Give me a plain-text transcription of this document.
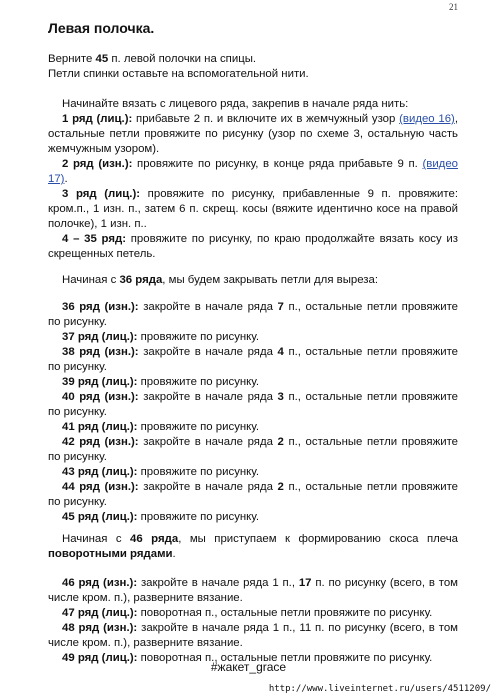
21
Левая полочка.

Верните 45 п. левой полочки на спицы.

Петли спинки оставьте на вспомогательной нити.

Начинайте вязать с лицевого ряда, закрепив в начале ряда нить:

1 ряд (лиц.): прибавьте 2 п. и включите их в жемчужный узор (видео 16), остальные петли провяжите по рисунку (узор по схеме 3, остальную часть жемчужным узором).

2 ряд (изн.): провяжите по рисунку, в конце ряда прибавьте 9 п. (видео 17).

3 ряд (лиц.): провяжите по рисунку, прибавленные 9 п. провяжите: кром.п., 1 изн. п., затем 6 п. скрещ. косы (вяжите идентично косе на правой полочке), 1 изн. п..

4 – 35 ряд: провяжите по рисунку, по краю продолжайте вязать косу из скрещенных петель.

Начиная с 36 ряда, мы будем закрывать петли для выреза:

36 ряд (изн.): закройте в начале ряда 7 п., остальные петли провяжите по рисунку.

37 ряд (лиц.): провяжите по рисунку.

38 ряд (изн.): закройте в начале ряда 4 п., остальные петли провяжите по рисунку.

39 ряд (лиц.): провяжите по рисунку.

40 ряд (изн.): закройте в начале ряда 3 п., остальные петли провяжите по рисунку.

41 ряд (лиц.): провяжите по рисунку.

42 ряд (изн.): закройте в начале ряда 2 п., остальные петли провяжите по рисунку.

43 ряд (лиц.): провяжите по рисунку.

44 ряд (изн.): закройте в начале ряда 2 п., остальные петли провяжите по рисунку.

45 ряд (лиц.): провяжите по рисунку.

Начиная с 46 ряда, мы приступаем к формированию скоса плеча поворотными рядами.

46 ряд (изн.): закройте в начале ряда 1 п., 17 п. по рисунку (всего, в том числе кром. п.), разверните вязание.

47 ряд (лиц.): поворотная п., остальные петли провяжите по рисунку.

48 ряд (изн.): закройте в начале ряда 1 п., 11 п. по рисунку (всего, в том числе кром. п.), разверните вязание.

49 ряд (лиц.): поворотная п., остальные петли провяжите по рисунку.

#жакет_grace
http://www.liveinternet.ru/users/4511209/
